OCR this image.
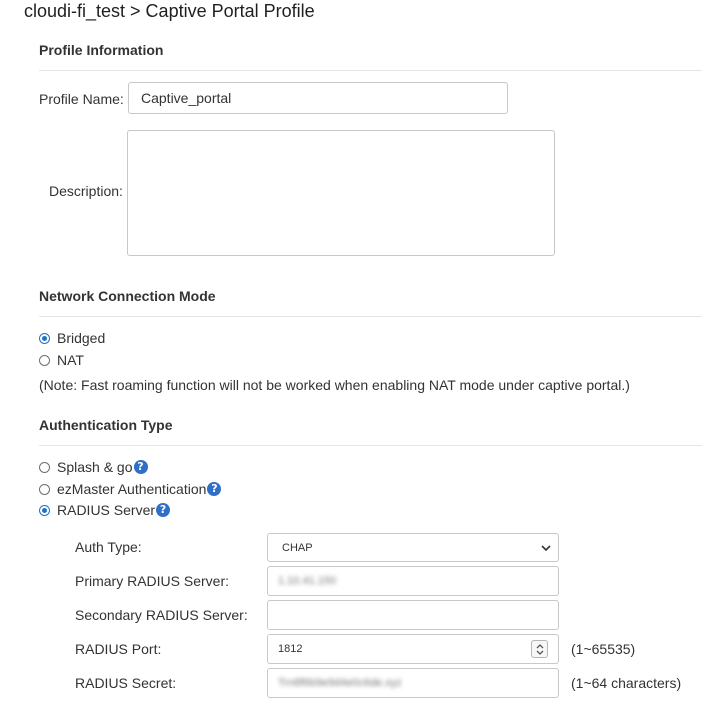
cloudi-fi_test > Captive Portal Profile
Profile Information
Profile Name:
Captive_portal
Description:
Network Connection Mode
Bridged
NAT
(Note: Fast roaming function will not be worked when enabling NAT mode under captive portal.)
Authentication Type
Splash & go ?
ezMaster Authentication ?
RADIUS Server ?
Auth Type:	CHAP
Primary RADIUS Server:	1.10.41.150
Secondary RADIUS Server:
RADIUS Port:	1812	(1~65535)
RADIUS Secret:	Trn8f6b9e9d4e0c6de.xyz	(1~64 characters)
